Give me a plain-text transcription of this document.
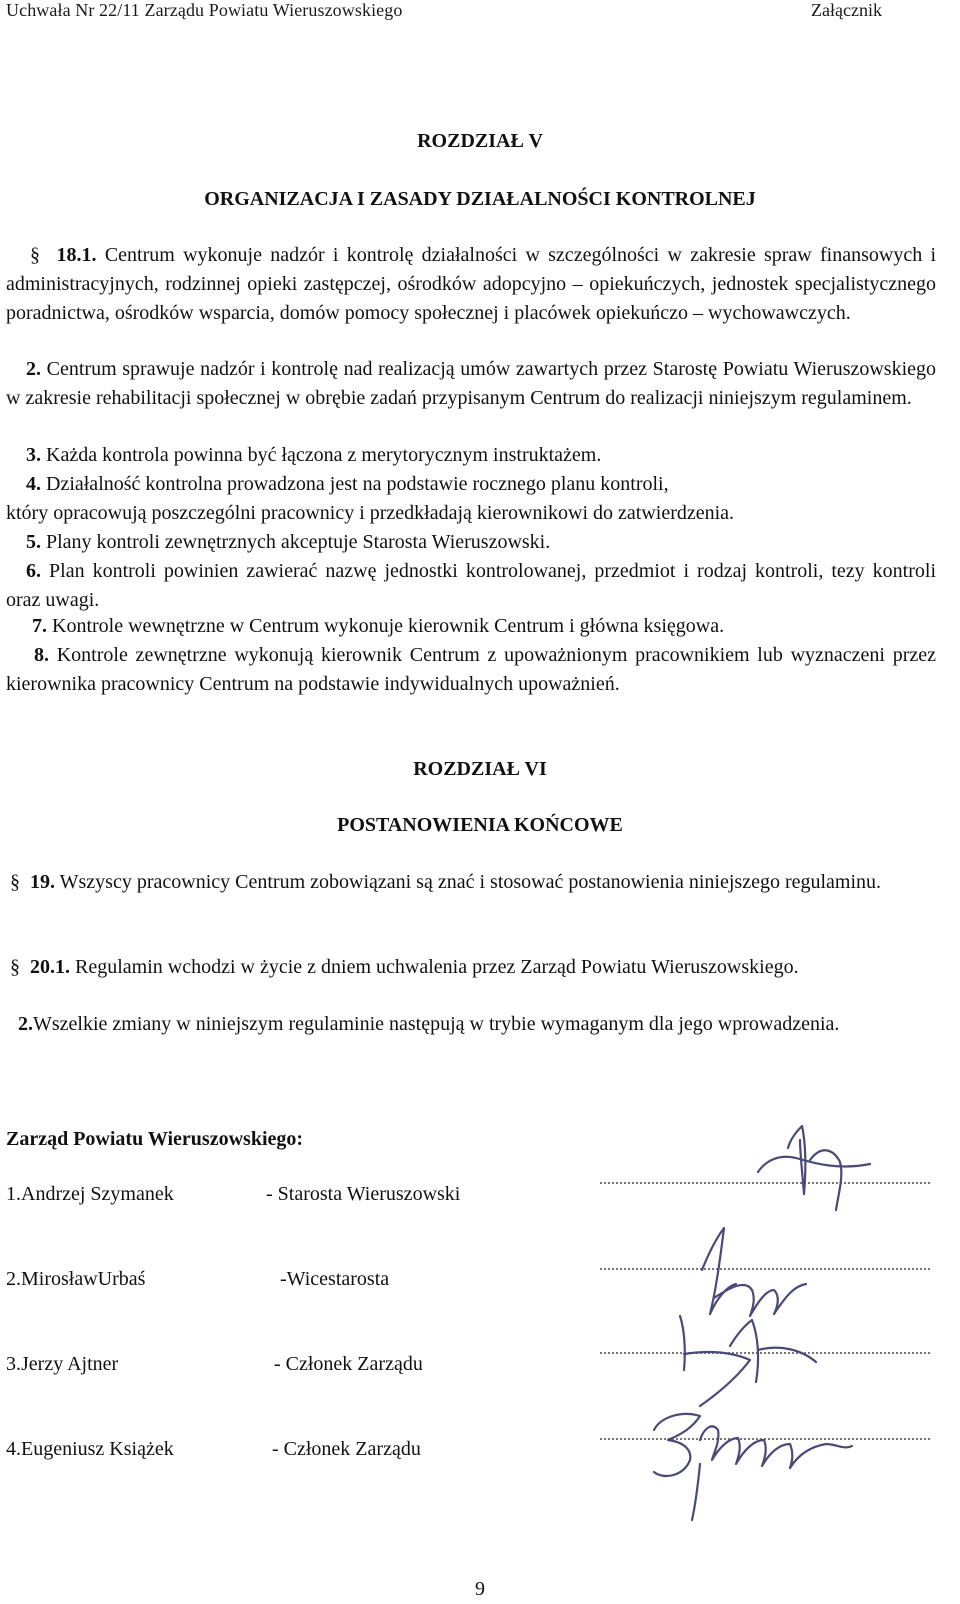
Uchwała Nr 22/11 Zarządu Powiatu Wieruszowskiego	Załącznik
ROZDZIAŁ V
ORGANIZACJA I ZASADY DZIAŁALNOŚCI KONTROLNEJ

§ 18.1. Centrum wykonuje nadzór i kontrolę działalności w szczególności w zakresie spraw finansowych i administracyjnych, rodzinnej opieki zastępczej, ośrodków adopcyjno – opiekuńczych, jednostek specjalistycznego poradnictwa, ośrodków wsparcia, domów pomocy społecznej i placówek opiekuńczo – wychowawczych.

2. Centrum sprawuje nadzór i kontrolę nad realizacją umów zawartych przez Starostę Powiatu Wieruszowskiego w zakresie rehabilitacji społecznej w obrębie zadań przypisanym Centrum do realizacji niniejszym regulaminem.

3. Każda kontrola powinna być łączona z merytorycznym instruktażem.

4. Działalność kontrolna prowadzona jest na podstawie rocznego planu kontroli,

który opracowują poszczególni pracownicy i przedkładają kierownikowi do zatwierdzenia.

5. Plany kontroli zewnętrznych akceptuje Starosta Wieruszowski.

6. Plan kontroli powinien zawierać nazwę jednostki kontrolowanej, przedmiot i rodzaj kontroli, tezy kontroli oraz uwagi.

7. Kontrole wewnętrzne w Centrum wykonuje kierownik Centrum i główna księgowa.

8. Kontrole zewnętrzne wykonują kierownik Centrum z upoważnionym pracownikiem lub wyznaczeni przez kierownika pracownicy Centrum na podstawie indywidualnych upoważnień.

ROZDZIAŁ VI
POSTANOWIENIA KOŃCOWE

§ 19. Wszyscy pracownicy Centrum zobowiązani są znać i stosować postanowienia niniejszego regulaminu.

§ 20.1. Regulamin wchodzi w życie z dniem uchwalenia przez Zarząd Powiatu Wieruszowskiego.

2.Wszelkie zmiany w niniejszym regulaminie następują w trybie wymaganym dla jego wprowadzenia.

Zarząd Powiatu Wieruszowskiego:
1.Andrzej Szymanek	- Starosta Wieruszowski
2.MirosławUrbaś	-Wicestarosta
3.Jerzy Ajtner	- Członek Zarządu
4.Eugeniusz Książek	- Członek Zarządu
9
